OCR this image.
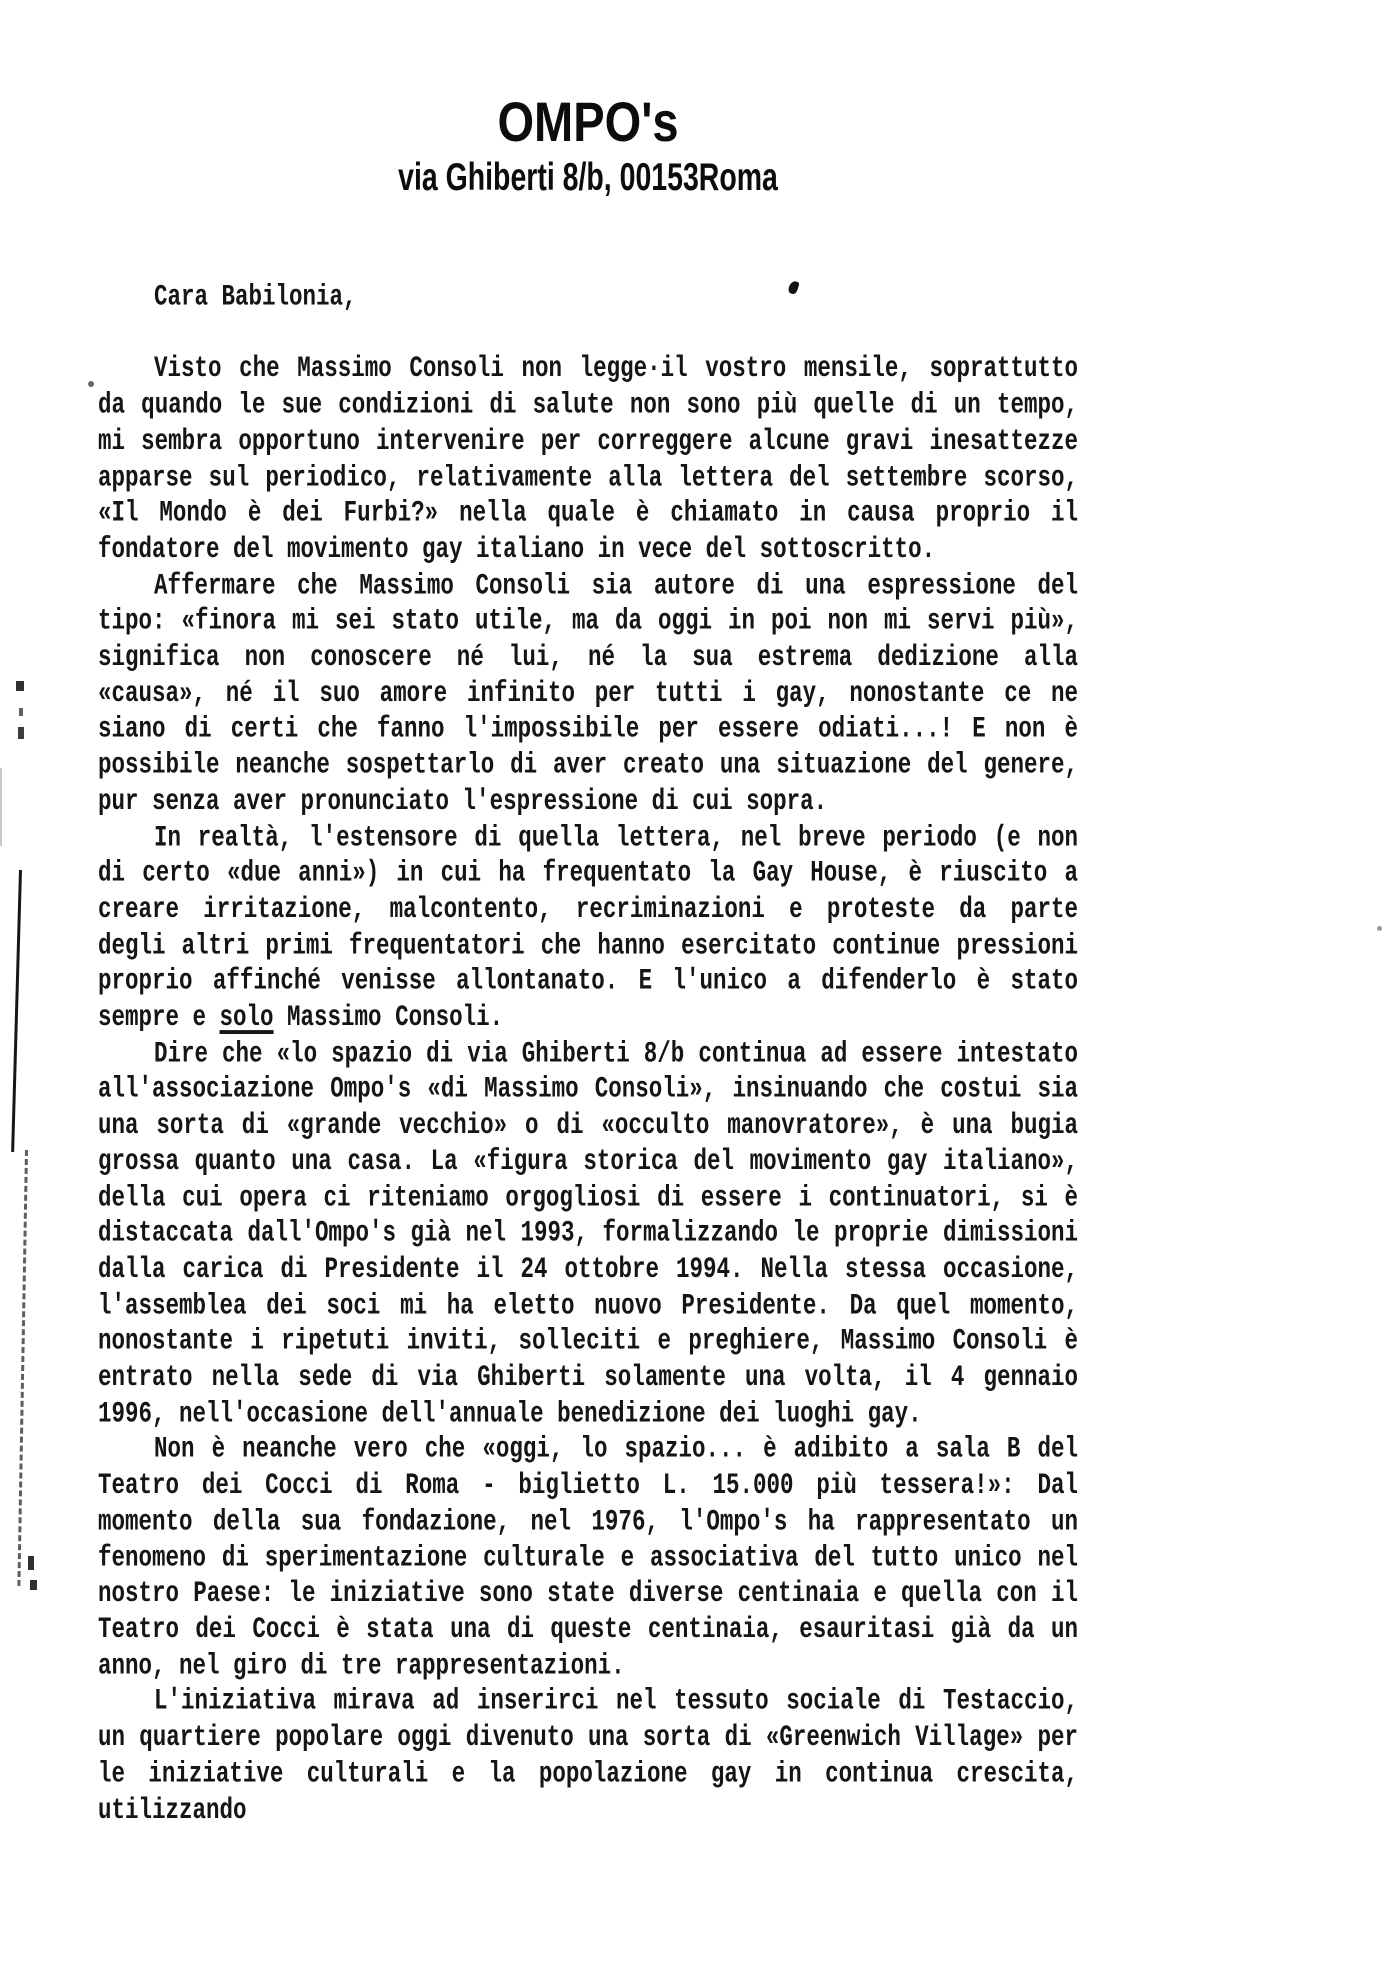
OMPO's
via Ghiberti 8/b, 00153Roma

Cara Babilonia,

Visto che Massimo Consoli non legge·il vostro mensile, soprattutto da quando le sue condizioni di salute non sono più quelle di un tempo, mi sembra opportuno intervenire per correggere alcune gravi inesattezze apparse sul periodico, relativamente alla lettera del settembre scorso, «Il Mondo è dei Furbi?» nella quale è chiamato in causa proprio il fondatore del movimento gay italiano in vece del sottoscritto.

Affermare che Massimo Consoli sia autore di una espressione del tipo: «finora mi sei stato utile, ma da oggi in poi non mi servi più», significa non conoscere né lui, né la sua estrema dedizione alla «causa», né il suo amore infinito per tutti i gay, nonostante ce ne siano di certi che fanno l'impossibile per essere odiati...! E non è possibile neanche sospettarlo di aver creato una situazione del genere, pur senza aver pronunciato l'espressione di cui sopra.

In realtà, l'estensore di quella lettera, nel breve periodo (e non di certo «due anni») in cui ha frequentato la Gay House, è riuscito a creare irritazione, malcontento, recriminazioni e proteste da parte degli altri primi frequentatori che hanno esercitato continue pressioni proprio affinché venisse allontanato. E l'unico a difenderlo è stato sempre e solo Massimo Consoli.

Dire che «lo spazio di via Ghiberti 8/b continua ad essere intestato all'associazione Ompo's «di Massimo Consoli», insinuando che costui sia una sorta di «grande vecchio» o di «occulto manovratore», è una bugia grossa quanto una casa. La «figura storica del movimento gay italiano», della cui opera ci riteniamo orgogliosi di essere i continuatori, si è distaccata dall'Ompo's già nel 1993, formalizzando le proprie dimissioni dalla carica di Presidente il 24 ottobre 1994. Nella stessa occasione, l'assemblea dei soci mi ha eletto nuovo Presidente. Da quel momento, nonostante i ripetuti inviti, solleciti e preghiere, Massimo Consoli è entrato nella sede di via Ghiberti solamente una volta, il 4 gennaio 1996, nell'occasione dell'annuale benedizione dei luoghi gay.

Non è neanche vero che «oggi, lo spazio... è adibito a sala B del Teatro dei Cocci di Roma - biglietto L. 15.000 più tessera!»: Dal momento della sua fondazione, nel 1976, l'Ompo's ha rappresentato un fenomeno di sperimentazione culturale e associativa del tutto unico nel nostro Paese: le iniziative sono state diverse centinaia e quella con il Teatro dei Cocci è stata una di queste centinaia, esauritasi già da un anno, nel giro di tre rappresentazioni.

L'iniziativa mirava ad inserirci nel tessuto sociale di Testaccio, un quartiere popolare oggi divenuto una sorta di «Greenwich Village» per le iniziative culturali e la popolazione gay in continua crescita, utilizzando
